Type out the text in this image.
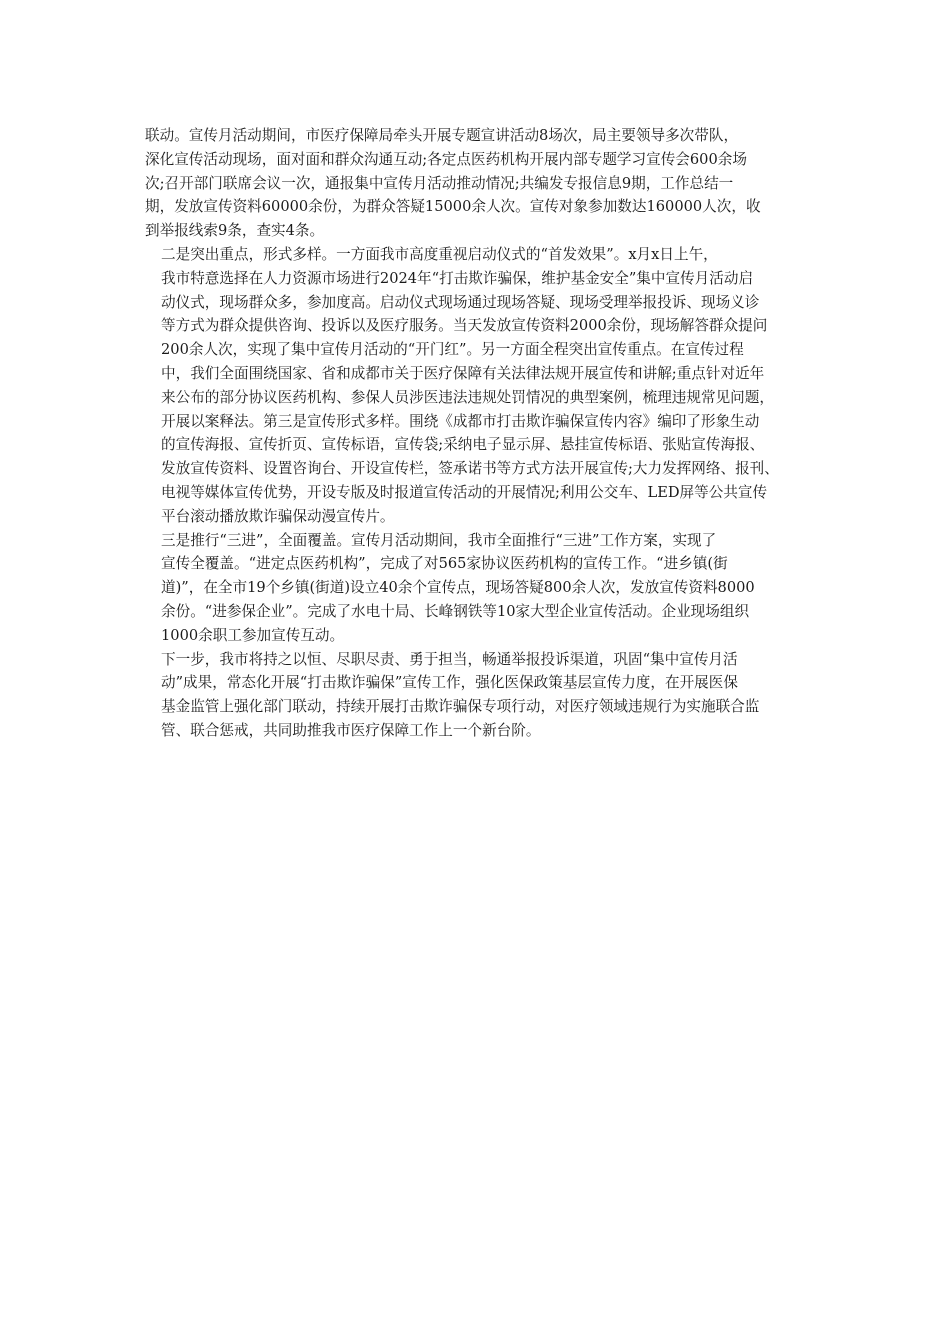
联动。宣传月活动期间，市医疗保障局牵头开展专题宣讲活动8场次，局主要领导多次带队，
深化宣传活动现场，面对面和群众沟通互动;各定点医药机构开展内部专题学习宣传会600余场
次;召开部门联席会议一次，通报集中宣传月活动推动情况;共编发专报信息9期，工作总结一
期，发放宣传资料60000余份，为群众答疑15000余人次。宣传对象参加数达160000人次，收
到举报线索9条，查实4条。
二是突出重点，形式多样。一方面我市高度重视启动仪式的“首发效果”。x月x日上午，
我市特意选择在人力资源市场进行2024年“打击欺诈骗保，维护基金安全”集中宣传月活动启
动仪式，现场群众多，参加度高。启动仪式现场通过现场答疑、现场受理举报投诉、现场义诊
等方式为群众提供咨询、投诉以及医疗服务。当天发放宣传资料2000余份，现场解答群众提问
200余人次，实现了集中宣传月活动的“开门红”。另一方面全程突出宣传重点。在宣传过程
中，我们全面围绕国家、省和成都市关于医疗保障有关法律法规开展宣传和讲解;重点针对近年
来公布的部分协议医药机构、参保人员涉医违法违规处罚情况的典型案例，梳理违规常见问题，
开展以案释法。第三是宣传形式多样。围绕《成都市打击欺诈骗保宣传内容》编印了形象生动
的宣传海报、宣传折页、宣传标语，宣传袋;采纳电子显示屏、悬挂宣传标语、张贴宣传海报、
发放宣传资料、设置咨询台、开设宣传栏，签承诺书等方式方法开展宣传;大力发挥网络、报刊、
电视等媒体宣传优势，开设专版及时报道宣传活动的开展情况;利用公交车、LED屏等公共宣传
平台滚动播放欺诈骗保动漫宣传片。
三是推行“三进”，全面覆盖。宣传月活动期间，我市全面推行“三进”工作方案，实现了
宣传全覆盖。“进定点医药机构”，完成了对565家协议医药机构的宣传工作。“进乡镇(街
道)”，在全市19个乡镇(街道)设立40余个宣传点，现场答疑800余人次，发放宣传资料8000
余份。“进参保企业”。完成了水电十局、长峰钢铁等10家大型企业宣传活动。企业现场组织
1000余职工参加宣传互动。
下一步，我市将持之以恒、尽职尽责、勇于担当，畅通举报投诉渠道，巩固“集中宣传月活
动”成果，常态化开展“打击欺诈骗保”宣传工作，强化医保政策基层宣传力度，在开展医保
基金监管上强化部门联动，持续开展打击欺诈骗保专项行动，对医疗领域违规行为实施联合监
管、联合惩戒，共同助推我市医疗保障工作上一个新台阶。
